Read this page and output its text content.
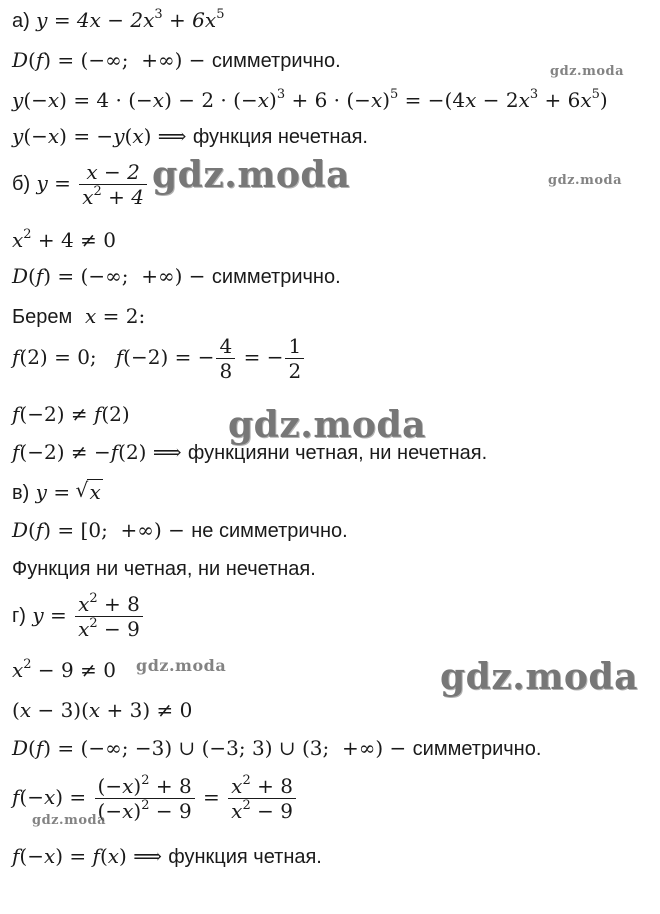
а) $y = 4x - 2x^3 + 6x^5$
D(f) = (−∞;  +∞) − симметрично.
$y(-x) = 4 \cdot (-x) - 2 \cdot (-x)^3 + 6 \cdot (-x)^5 = -(4x - 2x^3 + 6x^5)$
y(−x) = −y(x) ⟹ функция нечетная.
б) $y = \frac{x - 2}{x^2 + 4}$
$x^2 + 4 \ne 0$
D(f) = (−∞;  +∞) − симметрично.
Берем  x = 2:
f(2) = 0;   f(−2) = − $\frac{4}{8}$ = − $\frac{1}{2}$
f(−2) ≠ f(2)
f(−2) ≠ −f(2) ⟹ функцияни четная, ни нечетная.
в) y = √ x
D(f) = [0;  +∞) − не симметрично.
Функция ни четная, ни нечетная.
г) $y = \frac{x^2 + 8}{x^2 - 9}$
$x^2 - 9 \ne 0$
(x − 3)(x + 3) ≠ 0
D(f) = (−∞; −3) ∪ (−3; 3) ∪ (3;  +∞) − симметрично.
$f(-x) = \frac{(-x)^2 + 8}{(-x)^2 - 9} = \frac{x^2 + 8}{x^2 - 9}$
f(−x) = f(x) ⟹ функция четная.
gdz.moda
gdz.moda	gdz.moda
gdz.moda
gdz.moda	gdz.moda
gdz.moda
